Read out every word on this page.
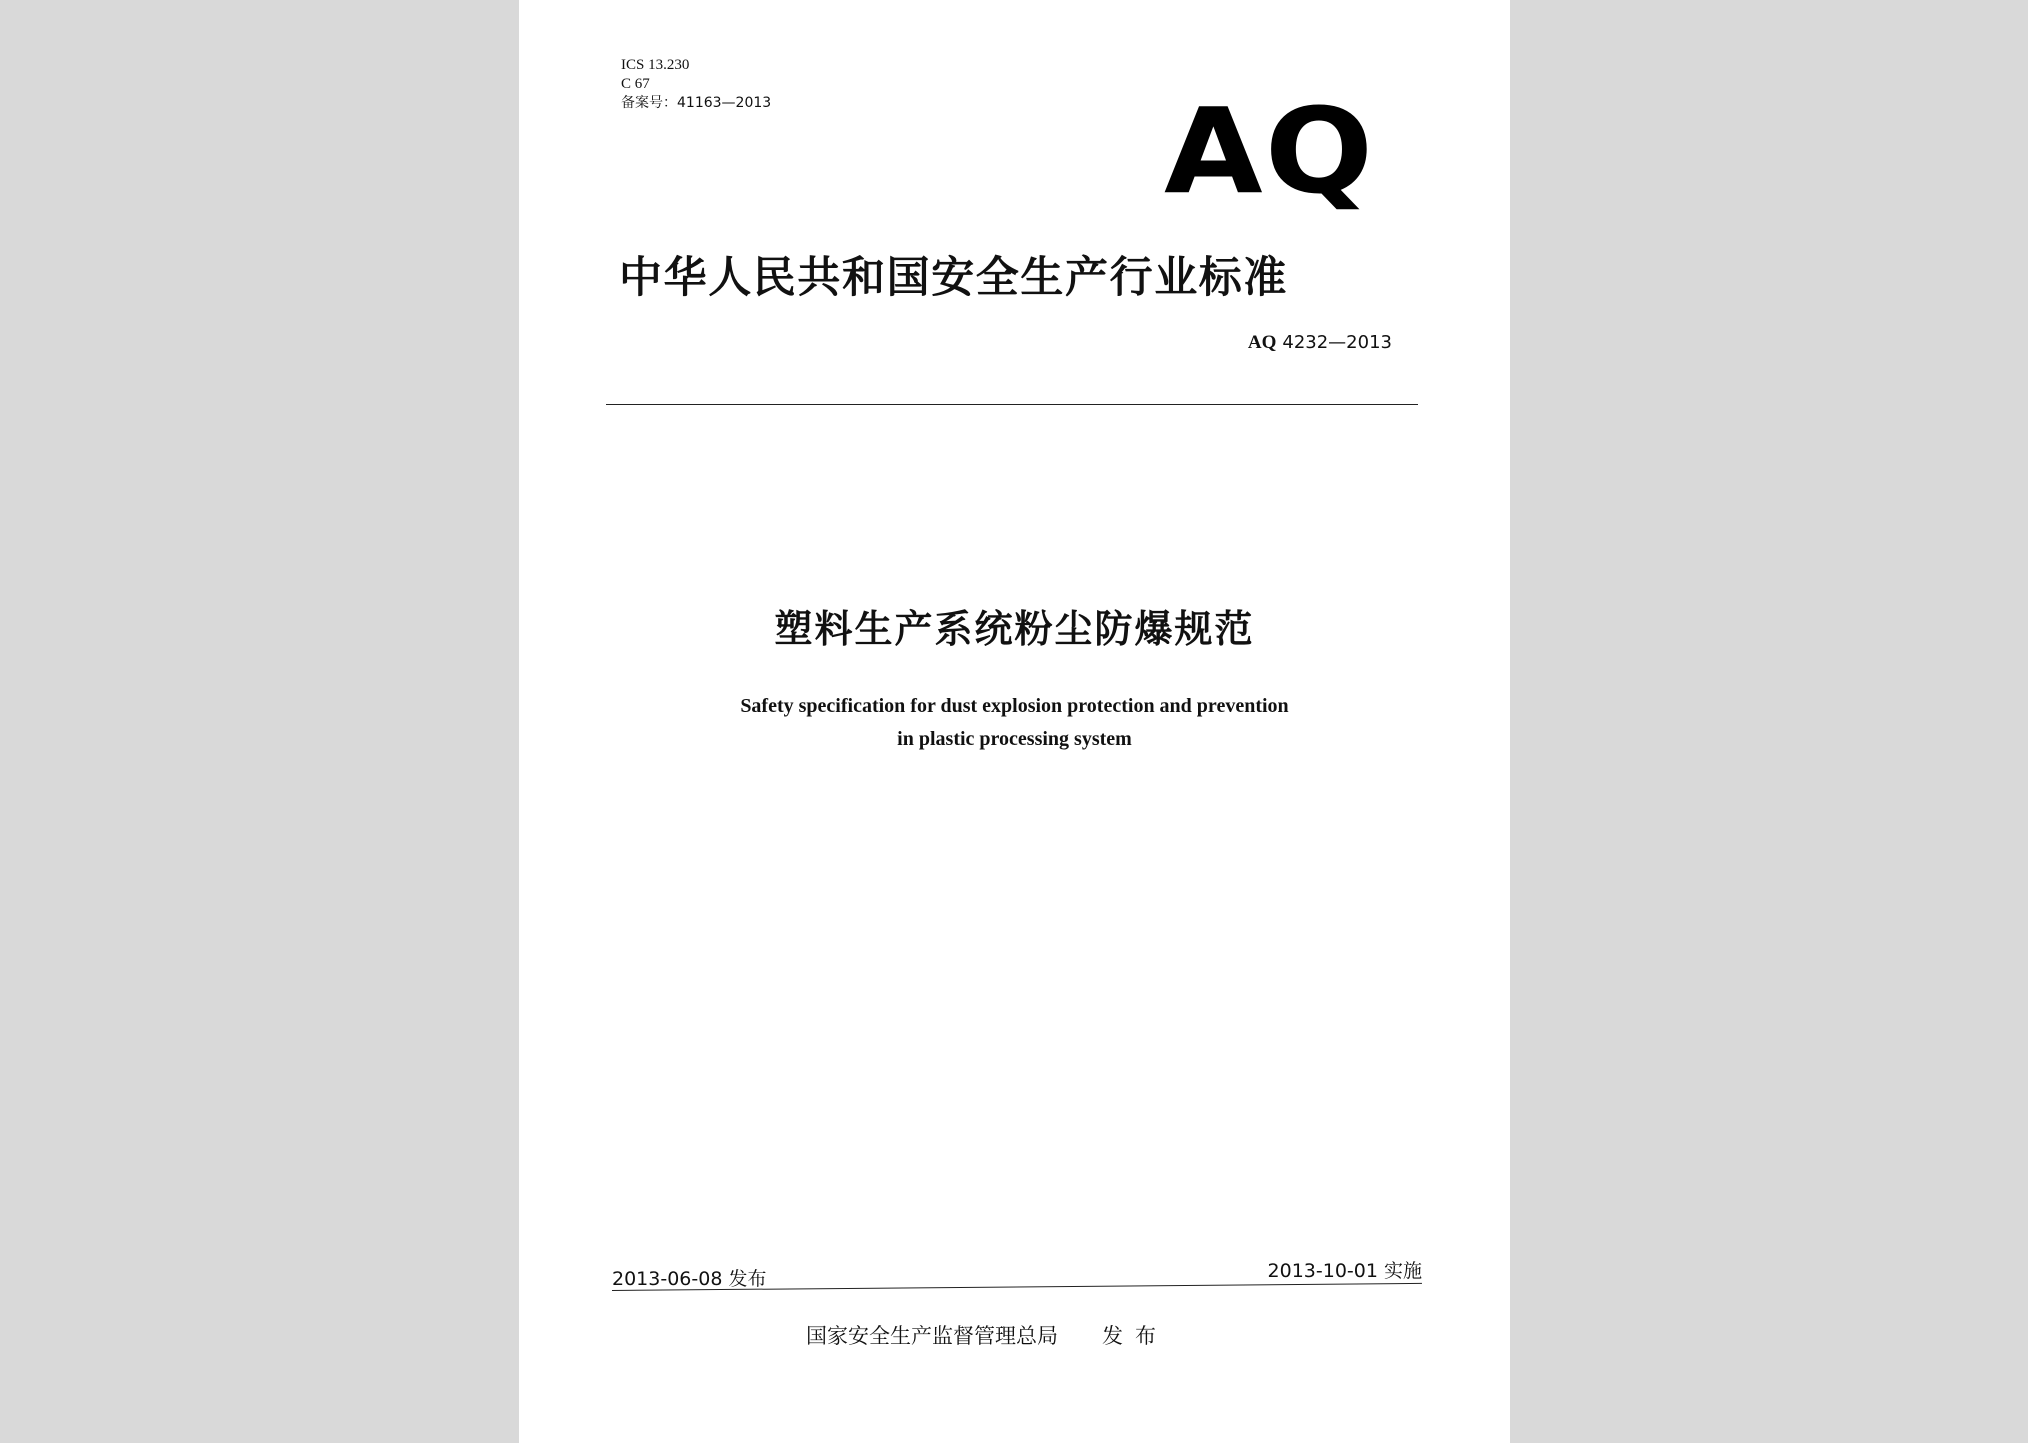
ICS 13.230
C 67
备案号：41163—2013	AQ
中华人民共和国安全生产行业标准
AQ 4232—2013
塑料生产系统粉尘防爆规范
Safety specification for dust explosion protection and prevention
in plastic processing system
2013-06-08 发布	2013-10-01 实施
国家安全生产监督管理总局 发布
